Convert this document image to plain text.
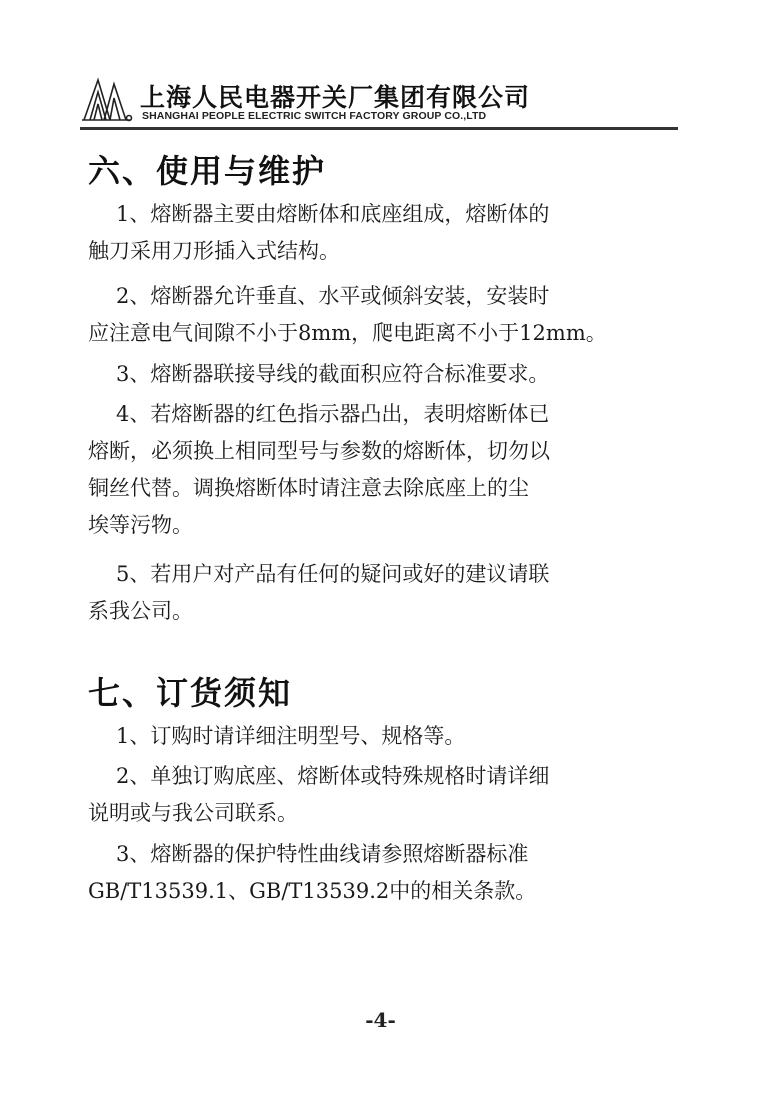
上海人民电器开关厂集团有限公司
SHANGHAI PEOPLE ELECTRIC SWITCH FACTORY GROUP CO.,LTD
六、使用与维护
1、熔断器主要由熔断体和底座组成，熔断体的
触刀采用刀形插入式结构。
2、熔断器允许垂直、水平或倾斜安装，安装时
应注意电气间隙不小于8mm，爬电距离不小于12mm。
3、熔断器联接导线的截面积应符合标准要求。
4、若熔断器的红色指示器凸出，表明熔断体已
熔断，必须换上相同型号与参数的熔断体，切勿以
铜丝代替。调换熔断体时请注意去除底座上的尘
埃等污物。
5、若用户对产品有任何的疑问或好的建议请联
系我公司。
七、订货须知
1、订购时请详细注明型号、规格等。
2、单独订购底座、熔断体或特殊规格时请详细
说明或与我公司联系。
3、熔断器的保护特性曲线请参照熔断器标准
GB/T13539.1、GB/T13539.2中的相关条款。
-4-
